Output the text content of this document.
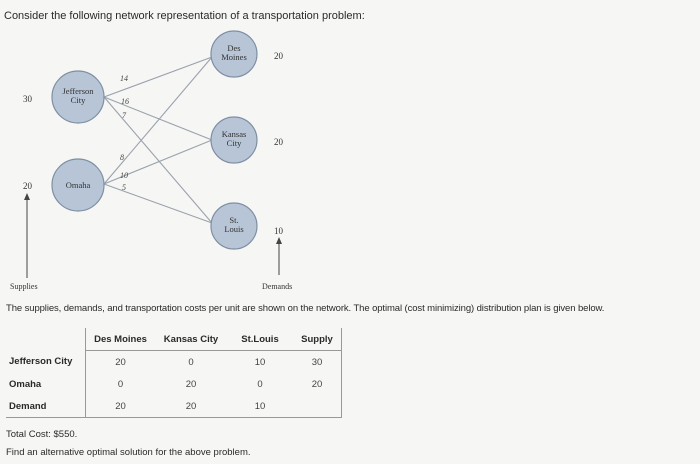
Consider the following network representation of a transportation problem:
14
16
7
8
10
5
Jefferson
City
Omaha
Des
Moines
Kansas
City
St.
Louis
30
20
20
20
10
Supplies	Demands
The supplies, demands, and transportation costs per unit are shown on the network. The optimal (cost minimizing) distribution plan is given below.
	Des Moines	Kansas City	St.Louis	Supply
Jefferson City	20	0	10	30
Omaha	0	20	0	20
Demand	20	20	10	
Total Cost: $550.
Find an alternative optimal solution for the above problem.
